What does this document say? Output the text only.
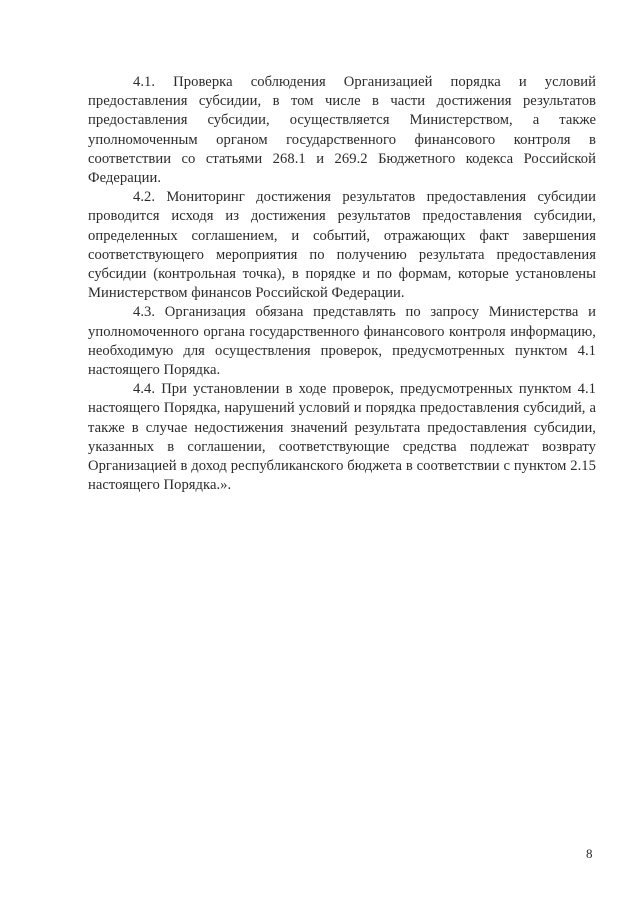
4.1. Проверка соблюдения Организацией порядка и условий предоставления субсидии, в том числе в части достижения результатов предоставления субсидии, осуществляется Министерством, а также уполномоченным органом государственного финансового контроля в соответствии со статьями 268.1 и 269.2 Бюджетного кодекса Российской Федерации.

4.2. Мониторинг достижения результатов предоставления субсидии проводится исходя из достижения результатов предоставления субсидии, определенных соглашением, и событий, отражающих факт завершения соответствующего мероприятия по получению результата предоставления субсидии (контрольная точка), в порядке и по формам, которые установлены Министерством финансов Российской Федерации.

4.3. Организация обязана представлять по запросу Министерства и уполномоченного органа государственного финансового контроля информацию, необходимую для осуществления проверок, предусмотренных пунктом 4.1 настоящего Порядка.

4.4. При установлении в ходе проверок, предусмотренных пунктом 4.1 настоящего Порядка, нарушений условий и порядка предоставления субсидий, а также в случае недостижения значений результата предоставления субсидии, указанных в соглашении, соответствующие средства подлежат возврату Организацией в доход республиканского бюджета в соответствии с пунктом 2.15 настоящего Порядка.».

8
